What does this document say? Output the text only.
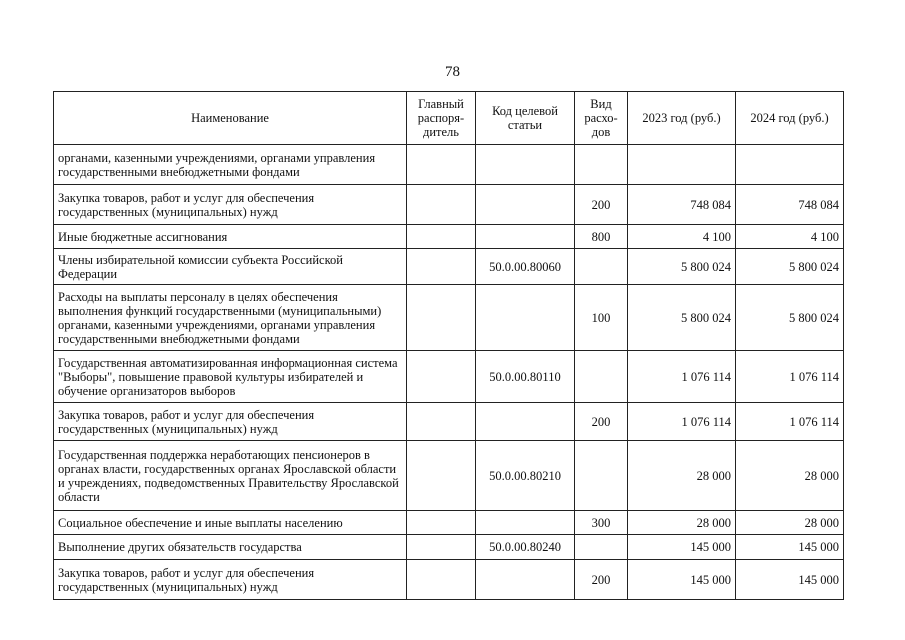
78
Наименование	Главный распоря-дитель	Код целевой статьи	Вид расхо-дов	2023 год (руб.)	2024 год (руб.)
органами, казенными учреждениями, органами управления государственными внебюджетными фондами					
Закупка товаров, работ и услуг для обеспечения государственных (муниципальных) нужд			200	748 084	748 084
Иные бюджетные ассигнования			800	4 100	4 100
Члены избирательной комиссии субъекта Российской Федерации		50.0.00.80060		5 800 024	5 800 024
Расходы на выплаты персоналу в целях обеспечения выполнения функций государственными (муниципальными) органами, казенными учреждениями, органами управления государственными внебюджетными фондами			100	5 800 024	5 800 024
Государственная автоматизированная информационная система "Выборы", повышение правовой культуры избирателей и обучение организаторов выборов		50.0.00.80110		1 076 114	1 076 114
Закупка товаров, работ и услуг для обеспечения государственных (муниципальных) нужд			200	1 076 114	1 076 114
Государственная поддержка неработающих пенсионеров в органах власти, государственных органах Ярославской области и учреждениях, подведомственных Правительству Ярославской области		50.0.00.80210		28 000	28 000
Социальное обеспечение и иные выплаты населению			300	28 000	28 000
Выполнение других обязательств государства		50.0.00.80240		145 000	145 000
Закупка товаров, работ и услуг для обеспечения государственных (муниципальных) нужд			200	145 000	145 000
